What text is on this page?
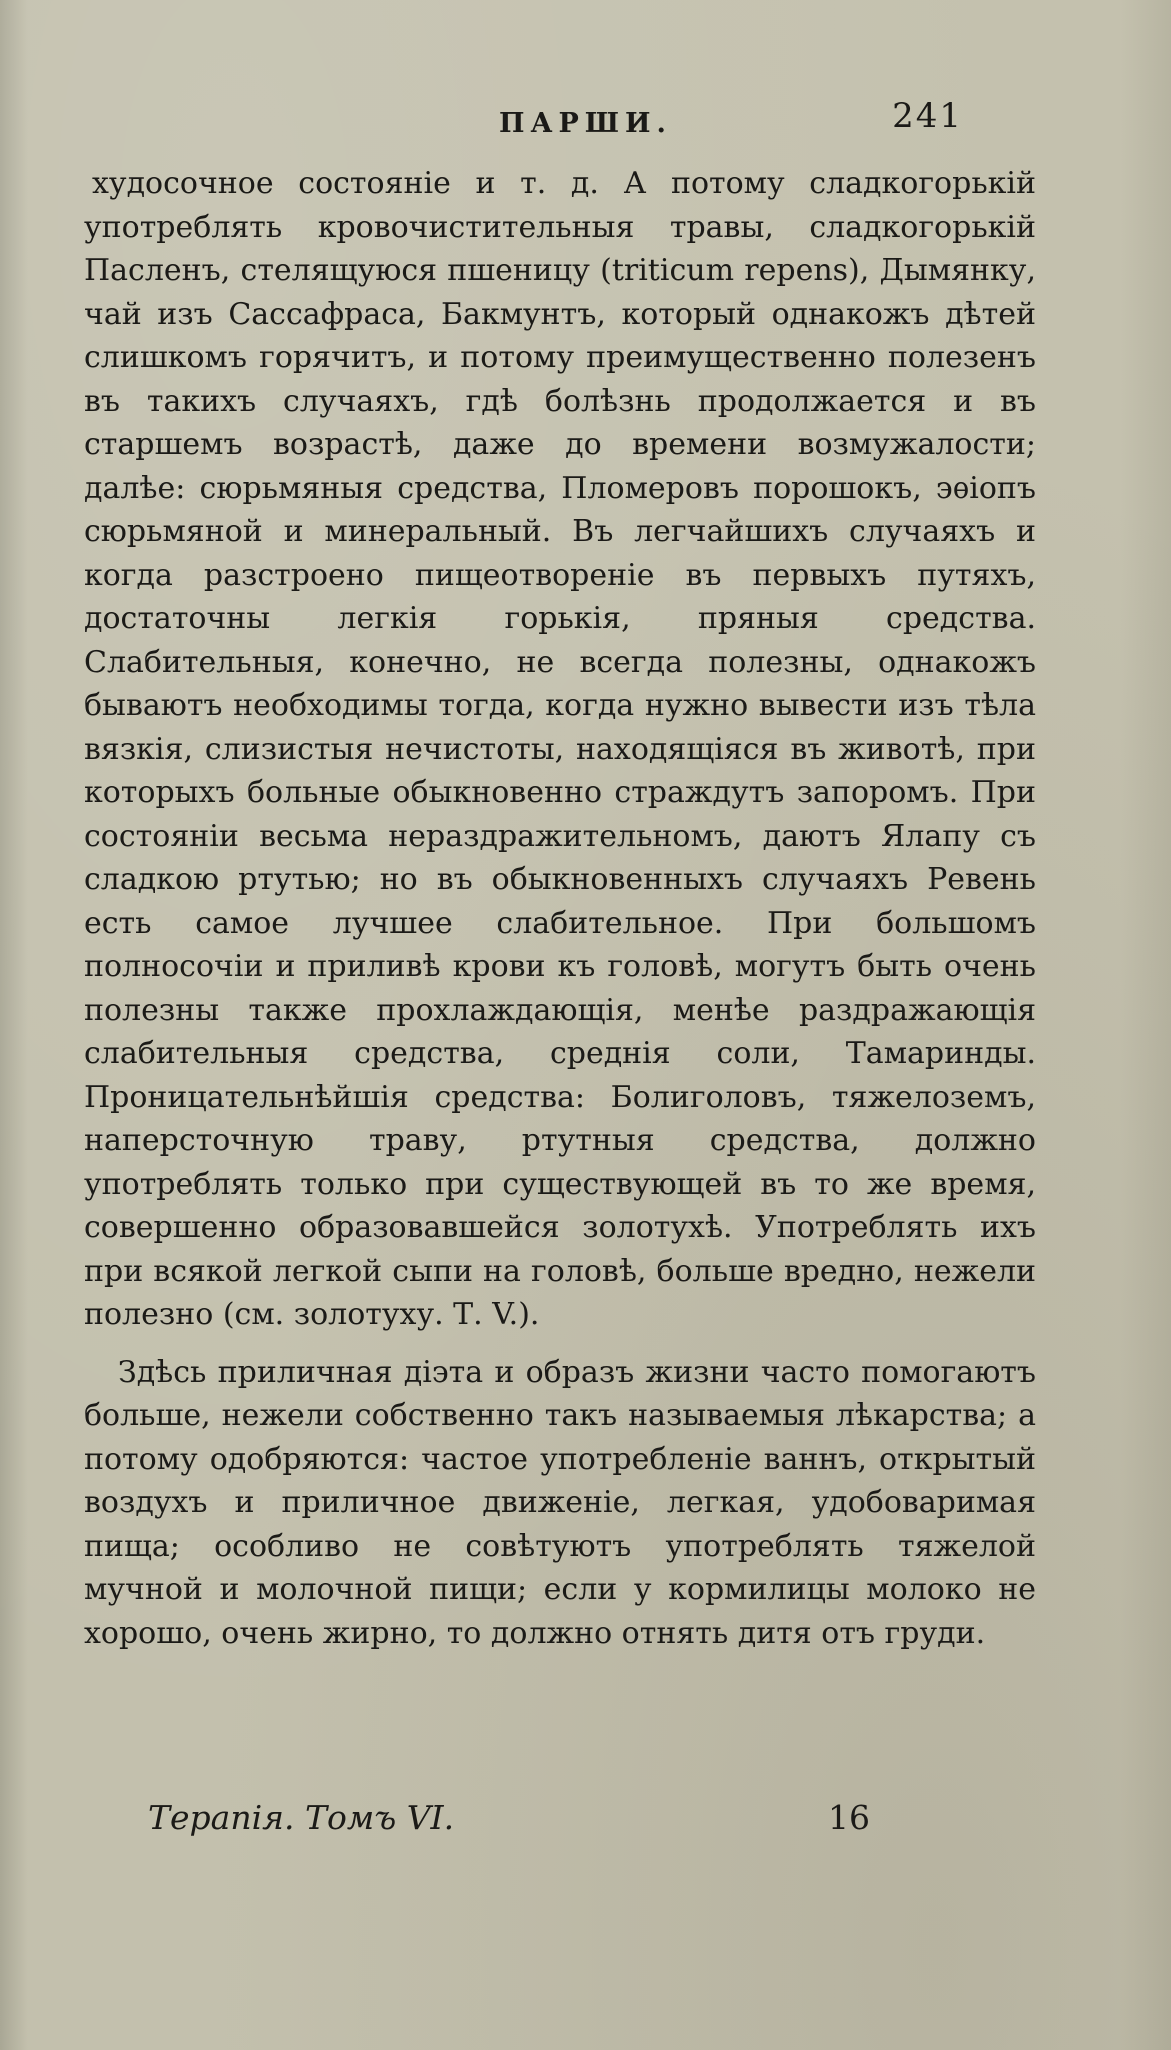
ПАРШИ.	241

худосочное состояніе и т. д. А потому сладкогорькій употреблять кровочистительныя травы, сладкогорькій Пасленъ, стелящуюся пшеницу (triticum repens), Дымянку, чай изъ Сассафраса, Бакмунтъ, который однакожъ дѣтей слишкомъ горячитъ, и потому преимущественно полезенъ въ такихъ случаяхъ, гдѣ болѣзнь продолжается и въ старшемъ возрастѣ, даже до времени возмужалости; далѣе: сюрьмяныя средства, Пломеровъ порошокъ, эѳіопъ сюрьмяной и минеральный. Въ легчайшихъ случаяхъ и когда разстроено пищеотвореніе въ первыхъ путяхъ, достаточны легкія горькія, пряныя средства. Слабительныя, конечно, не всегда полезны, однакожъ бываютъ необходимы тогда, когда нужно вывести изъ тѣла вязкія, слизистыя нечистоты, находящіяся въ животѣ, при которыхъ больные обыкновенно страждутъ запоромъ. При состояніи весьма нераздражительномъ, даютъ Ялапу съ сладкою ртутью; но въ обыкновенныхъ случаяхъ Ревень есть самое лучшее слабительное. При большомъ полносочіи и приливѣ крови къ головѣ, могутъ быть очень полезны также прохлаждающія, менѣе раздражающія слабительныя средства, среднія соли, Тамаринды. Проницательнѣйшія средства: Болиголовъ, тяжелоземъ, наперсточную траву, ртутныя средства, должно употреблять только при существующей въ то же время, совершенно образовавшейся золотухѣ. Употреблять ихъ при всякой легкой сыпи на головѣ, больше вредно, нежели полезно (см. золотуху. Т. V.).

Здѣсь приличная діэта и образъ жизни часто помогаютъ больше, нежели собственно такъ называемыя лѣкарства; а потому одобряются: частое употребленіе ваннъ, открытый воздухъ и приличное движеніе, легкая, удобоваримая пища; особливо не совѣтуютъ употреблять тяжелой мучной и молочной пищи; если у кормилицы молоко не хорошо, очень жирно, то должно отнять дитя отъ груди.

Терапія. Томъ VI.	16
